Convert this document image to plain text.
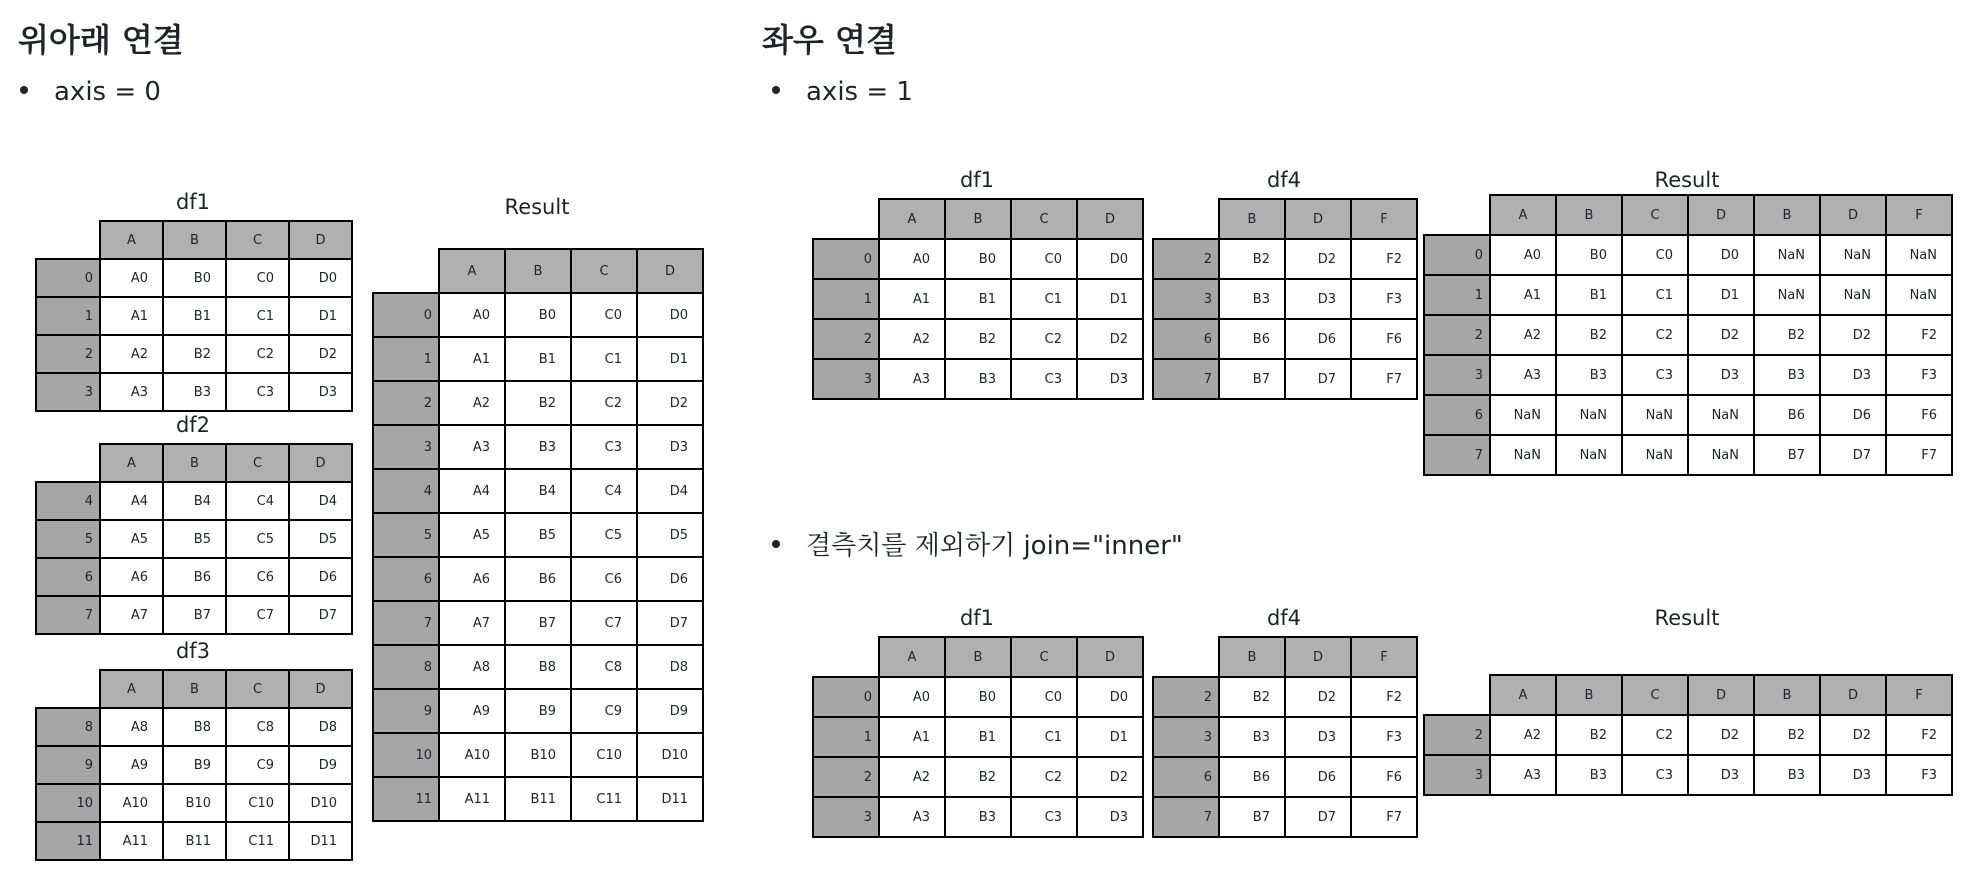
위아래 연결
axis = 0
좌우 연결
axis = 1
결측치를 제외하기 join="inner"
df1
	A	B	C	D
0	A0	B0	C0	D0
1	A1	B1	C1	D1
2	A2	B2	C2	D2
3	A3	B3	C3	D3
df2
	A	B	C	D
4	A4	B4	C4	D4
5	A5	B5	C5	D5
6	A6	B6	C6	D6
7	A7	B7	C7	D7
df3
	A	B	C	D
8	A8	B8	C8	D8
9	A9	B9	C9	D9
10	A10	B10	C10	D10
11	A11	B11	C11	D11
Result
	A	B	C	D
0	A0	B0	C0	D0
1	A1	B1	C1	D1
2	A2	B2	C2	D2
3	A3	B3	C3	D3
4	A4	B4	C4	D4
5	A5	B5	C5	D5
6	A6	B6	C6	D6
7	A7	B7	C7	D7
8	A8	B8	C8	D8
9	A9	B9	C9	D9
10	A10	B10	C10	D10
11	A11	B11	C11	D11
df1
	A	B	C	D
0	A0	B0	C0	D0
1	A1	B1	C1	D1
2	A2	B2	C2	D2
3	A3	B3	C3	D3
df4
	B	D	F
2	B2	D2	F2
3	B3	D3	F3
6	B6	D6	F6
7	B7	D7	F7
Result
	A	B	C	D	B	D	F
0	A0	B0	C0	D0	NaN	NaN	NaN
1	A1	B1	C1	D1	NaN	NaN	NaN
2	A2	B2	C2	D2	B2	D2	F2
3	A3	B3	C3	D3	B3	D3	F3
6	NaN	NaN	NaN	NaN	B6	D6	F6
7	NaN	NaN	NaN	NaN	B7	D7	F7
df1
	A	B	C	D
0	A0	B0	C0	D0
1	A1	B1	C1	D1
2	A2	B2	C2	D2
3	A3	B3	C3	D3
df4
	B	D	F
2	B2	D2	F2
3	B3	D3	F3
6	B6	D6	F6
7	B7	D7	F7
Result
	A	B	C	D	B	D	F
2	A2	B2	C2	D2	B2	D2	F2
3	A3	B3	C3	D3	B3	D3	F3
